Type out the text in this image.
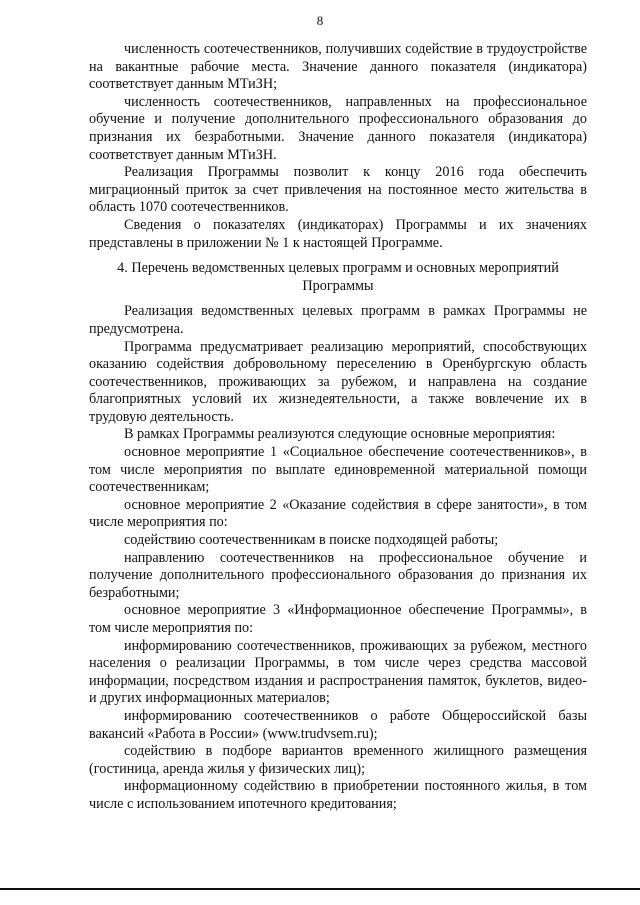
8

численность соотечественников, получивших содействие в трудоустройстве на вакантные рабочие места. Значение данного показателя (индикатора) соответствует данным МТиЗН;

численность соотечественников, направленных на профессиональное обучение и получение дополнительного профессионального образования до признания их безработными. Значение данного показателя (индикатора) соответствует данным МТиЗН.

Реализация Программы позволит к концу 2016 года обеспечить миграционный приток за счет привлечения на постоянное место жительства в область 1070 соотечественников.

Сведения о показателях (индикаторах) Программы и их значениях представлены в приложении № 1 к настоящей Программе.

4. Перечень ведомственных целевых программ и основных мероприятий Программы

Реализация ведомственных целевых программ в рамках Программы не предусмотрена.

Программа предусматривает реализацию мероприятий, способствующих оказанию содействия добровольному переселению в Оренбургскую область соотечественников, проживающих за рубежом, и направлена на создание благоприятных условий их жизнедеятельности, а также вовлечение их в трудовую деятельность.

В рамках Программы реализуются следующие основные мероприятия:

основное мероприятие 1 «Социальное обеспечение соотечественников», в том числе мероприятия по выплате единовременной материальной помощи соотечественникам;

основное мероприятие 2 «Оказание содействия в сфере занятости», в том числе мероприятия по:

содействию соотечественникам в поиске подходящей работы;

направлению соотечественников на профессиональное обучение и получение дополнительного профессионального образования до признания их безработными;

основное мероприятие 3 «Информационное обеспечение Программы», в том числе мероприятия по:

информированию соотечественников, проживающих за рубежом, местного населения о реализации Программы, в том числе через средства массовой информации, посредством издания и распространения памяток, буклетов, видео- и других информационных материалов;

информированию соотечественников о работе Общероссийской базы вакансий «Работа в России» (www.trudvsem.ru);

содействию в подборе вариантов временного жилищного размещения (гостиница, аренда жилья у физических лиц);

информационному содействию в приобретении постоянного жилья, в том числе с использованием ипотечного кредитования;
